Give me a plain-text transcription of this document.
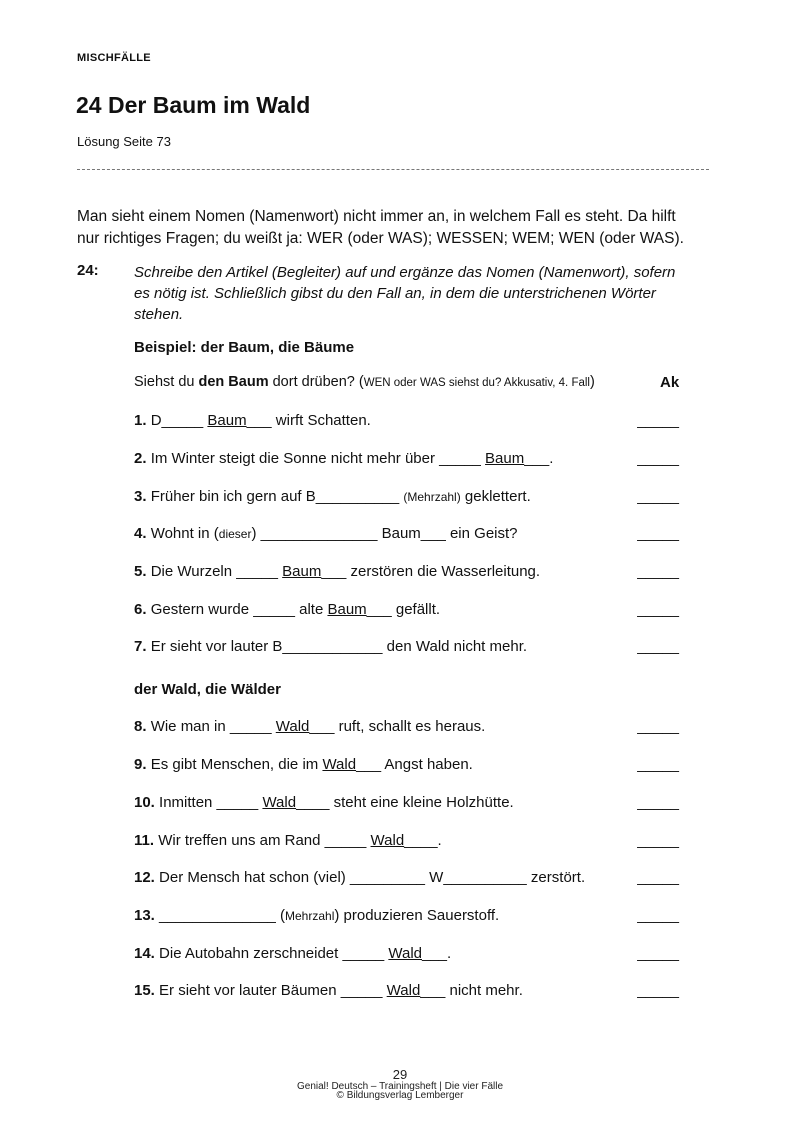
MISCHFÄLLE
24 Der Baum im Wald
Lösung Seite 73
Man sieht einem Nomen (Namenwort) nicht immer an, in welchem Fall es steht. Da hilft
nur richtiges Fragen; du weißt ja: WER (oder WAS); WESSEN; WEM; WEN (oder WAS).
24: Schreibe den Artikel (Begleiter) auf und ergänze das Nomen (Namenwort), sofern
es nötig ist. Schließlich gibst du den Fall an, in dem die unterstrichenen Wörter
stehen.
Beispiel: der Baum, die Bäume
Siehst du den Baum dort drüben? (WEN oder WAS siehst du? Akkusativ, 4. Fall)	Ak
der Wald, die Wälder
1. D_____ Baum___ wirft Schatten.	_____
2. Im Winter steigt die Sonne nicht mehr über _____ Baum___.	_____
3. Früher bin ich gern auf B__________ (Mehrzahl) geklettert.	_____
4. Wohnt in (dieser) ______________ Baum___ ein Geist?	_____
5. Die Wurzeln _____ Baum___ zerstören die Wasserleitung.	_____
6. Gestern wurde _____ alte Baum___ gefällt.	_____
7. Er sieht vor lauter B____________ den Wald nicht mehr.	_____
8. Wie man in _____ Wald___ ruft, schallt es heraus.	_____
9. Es gibt Menschen, die im Wald___ Angst haben.	_____
10. Inmitten _____ Wald____ steht eine kleine Holzhütte.	_____
11. Wir treffen uns am Rand _____ Wald____.	_____
12. Der Mensch hat schon (viel) _________ W__________ zerstört.	_____
13. ______________ (Mehrzahl) produzieren Sauerstoff.	_____
14. Die Autobahn zerschneidet _____ Wald___.	_____
15. Er sieht vor lauter Bäumen _____ Wald___ nicht mehr.	_____
29
Genial! Deutsch – Trainingsheft | Die vier Fälle
© Bildungsverlag Lemberger
